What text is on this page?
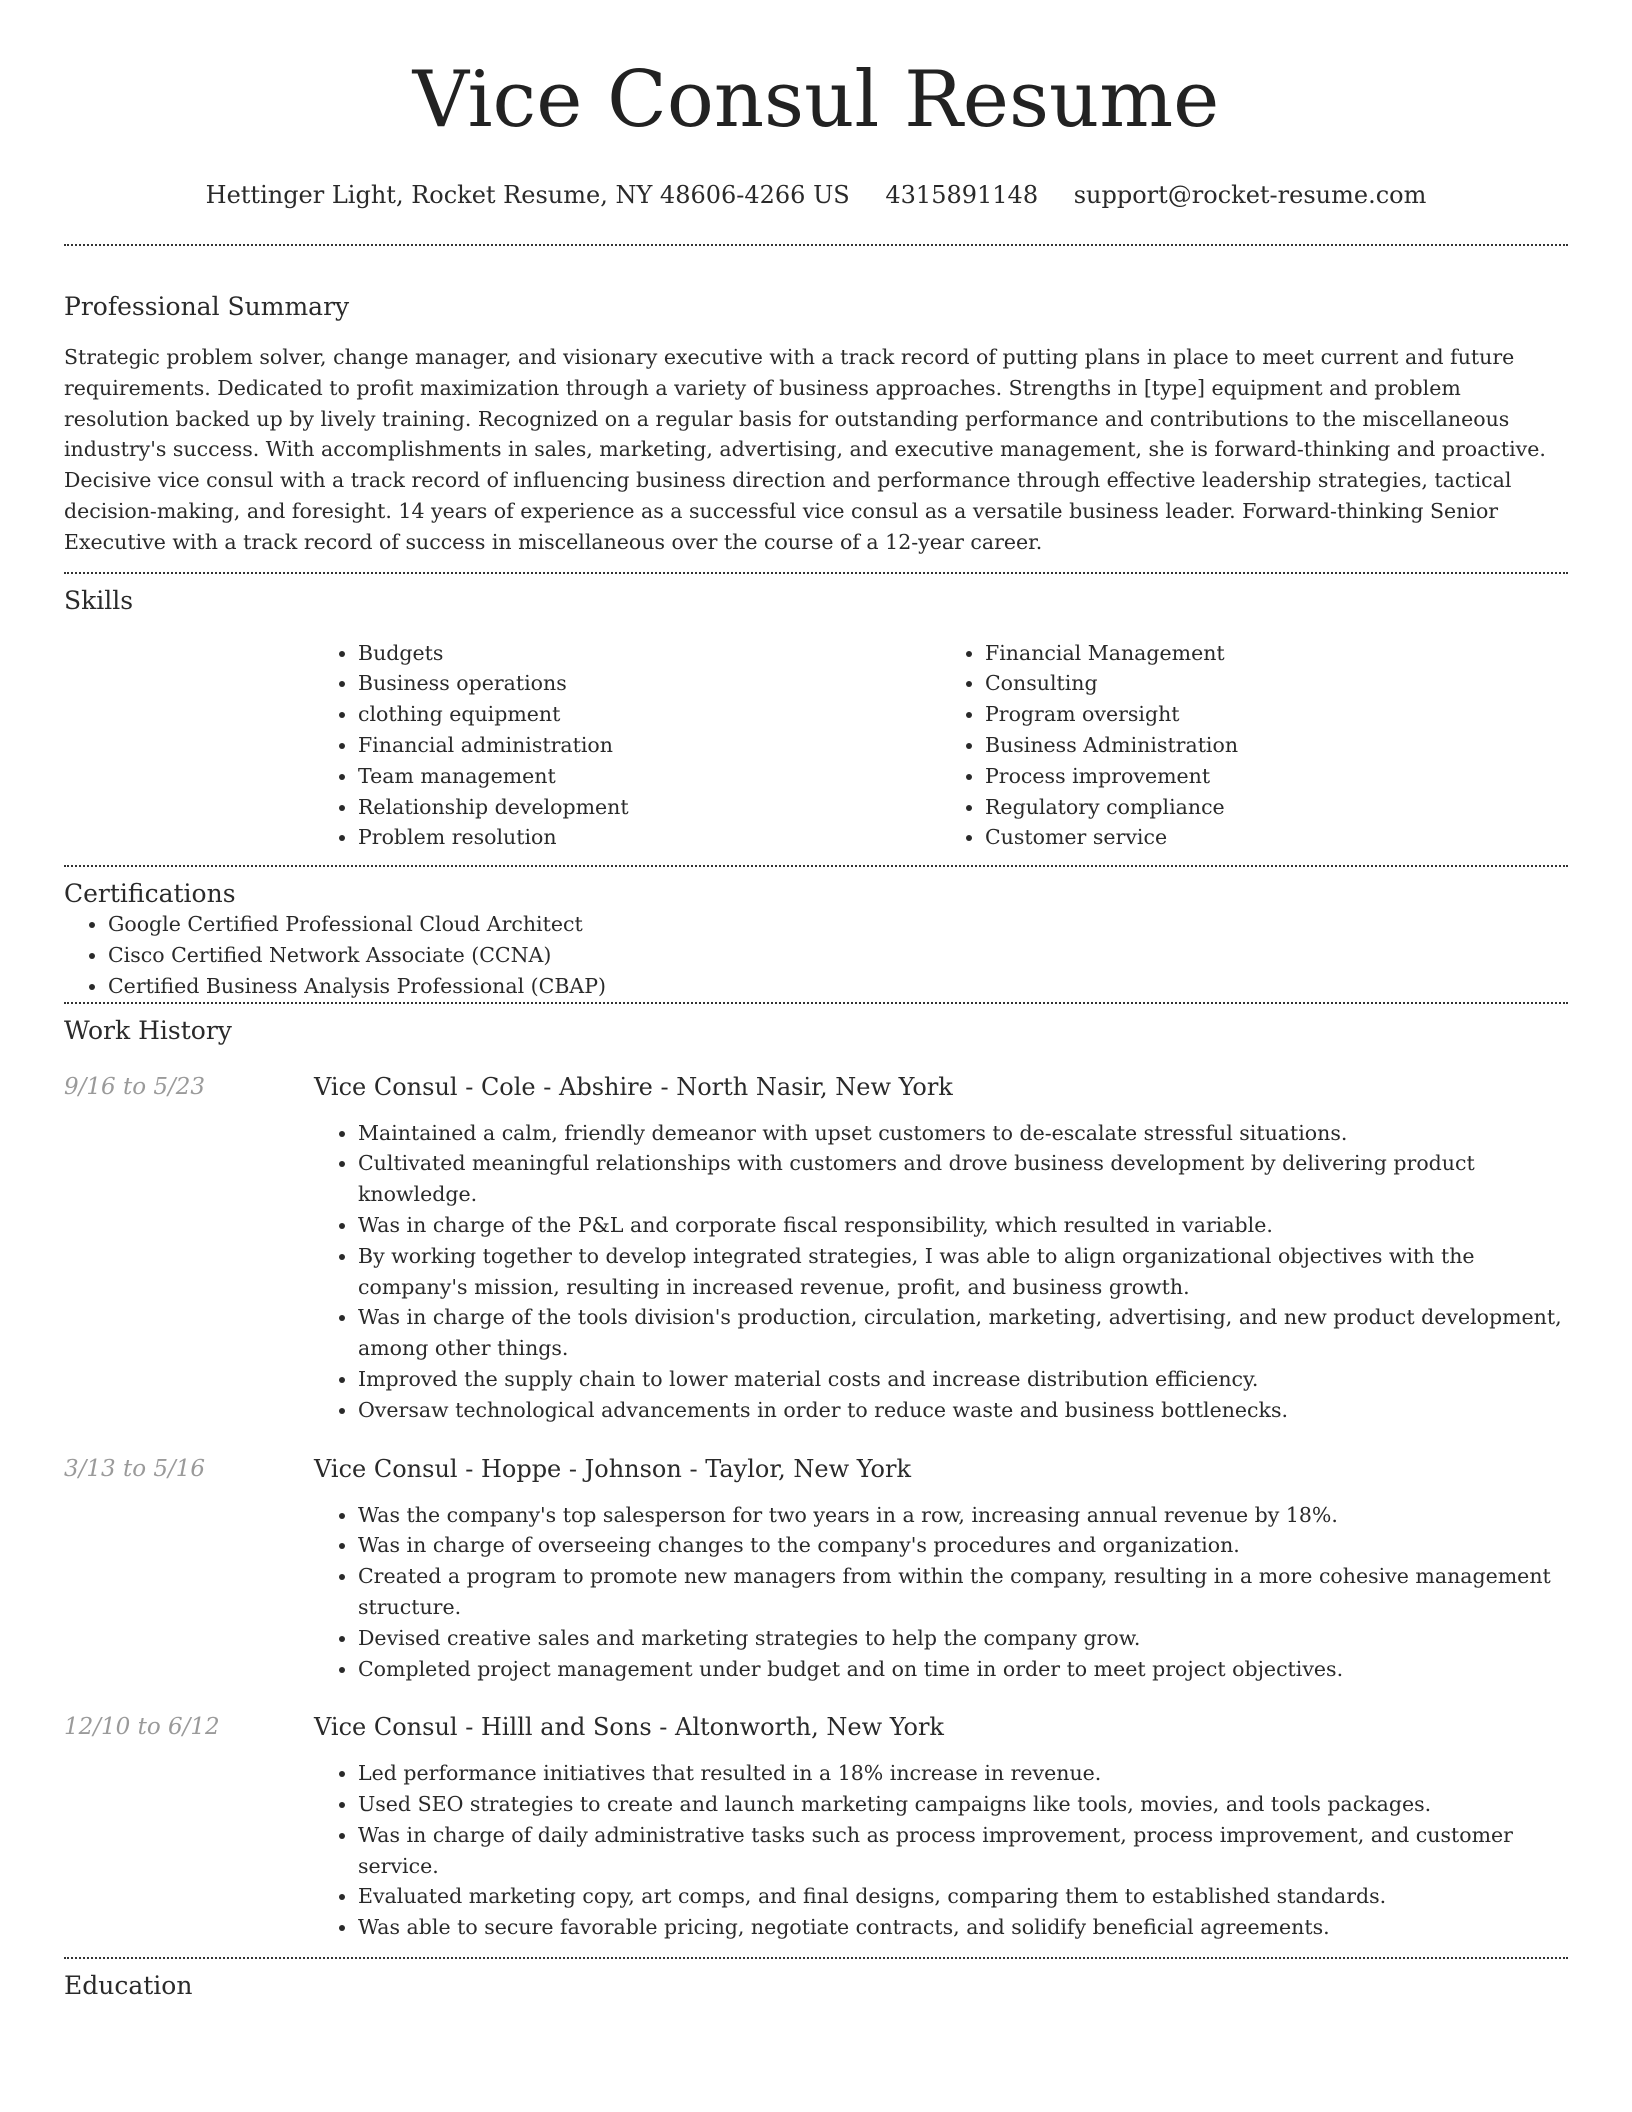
Vice Consul Resume
Hettinger Light, Rocket Resume, NY 48606-4266 US 4315891148 support@rocket-resume.com
Professional Summary

Strategic problem solver, change manager, and visionary executive with a track record of putting plans in place to meet current and future requirements. Dedicated to profit maximization through a variety of business approaches. Strengths in [type] equipment and problem resolution backed up by lively training. Recognized on a regular basis for outstanding performance and contributions to the miscellaneous industry's success. With accomplishments in sales, marketing, advertising, and executive management, she is forward-thinking and proactive. Decisive vice consul with a track record of influencing business direction and performance through effective leadership strategies, tactical decision-making, and foresight. 14 years of experience as a successful vice consul as a versatile business leader. Forward-thinking Senior Executive with a track record of success in miscellaneous over the course of a 12-year career.

Skills
• Budgets
• Business operations
• clothing equipment
• Financial administration
• Team management
• Relationship development
• Problem resolution
• Financial Management
• Consulting
• Program oversight
• Business Administration
• Process improvement
• Regulatory compliance
• Customer service
Certifications
• Google Certified Professional Cloud Architect
• Cisco Certified Network Associate (CCNA)
• Certified Business Analysis Professional (CBAP)
Work History
9/16 to 5/23	Vice Consul - Cole - Abshire - North Nasir, New York
• Maintained a calm, friendly demeanor with upset customers to de-escalate stressful situations.
• Cultivated meaningful relationships with customers and drove business development by delivering product knowledge.
• Was in charge of the P&L and corporate fiscal responsibility, which resulted in variable.
• By working together to develop integrated strategies, I was able to align organizational objectives with the company's mission, resulting in increased revenue, profit, and business growth.
• Was in charge of the tools division's production, circulation, marketing, advertising, and new product development, among other things.
• Improved the supply chain to lower material costs and increase distribution efficiency.
• Oversaw technological advancements in order to reduce waste and business bottlenecks.
3/13 to 5/16	Vice Consul - Hoppe - Johnson - Taylor, New York
• Was the company's top salesperson for two years in a row, increasing annual revenue by 18%.
• Was in charge of overseeing changes to the company's procedures and organization.
• Created a program to promote new managers from within the company, resulting in a more cohesive management structure.
• Devised creative sales and marketing strategies to help the company grow.
• Completed project management under budget and on time in order to meet project objectives.
12/10 to 6/12	Vice Consul - Hilll and Sons - Altonworth, New York
• Led performance initiatives that resulted in a 18% increase in revenue.
• Used SEO strategies to create and launch marketing campaigns like tools, movies, and tools packages.
• Was in charge of daily administrative tasks such as process improvement, process improvement, and customer service.
• Evaluated marketing copy, art comps, and final designs, comparing them to established standards.
• Was able to secure favorable pricing, negotiate contracts, and solidify beneficial agreements.
Education
